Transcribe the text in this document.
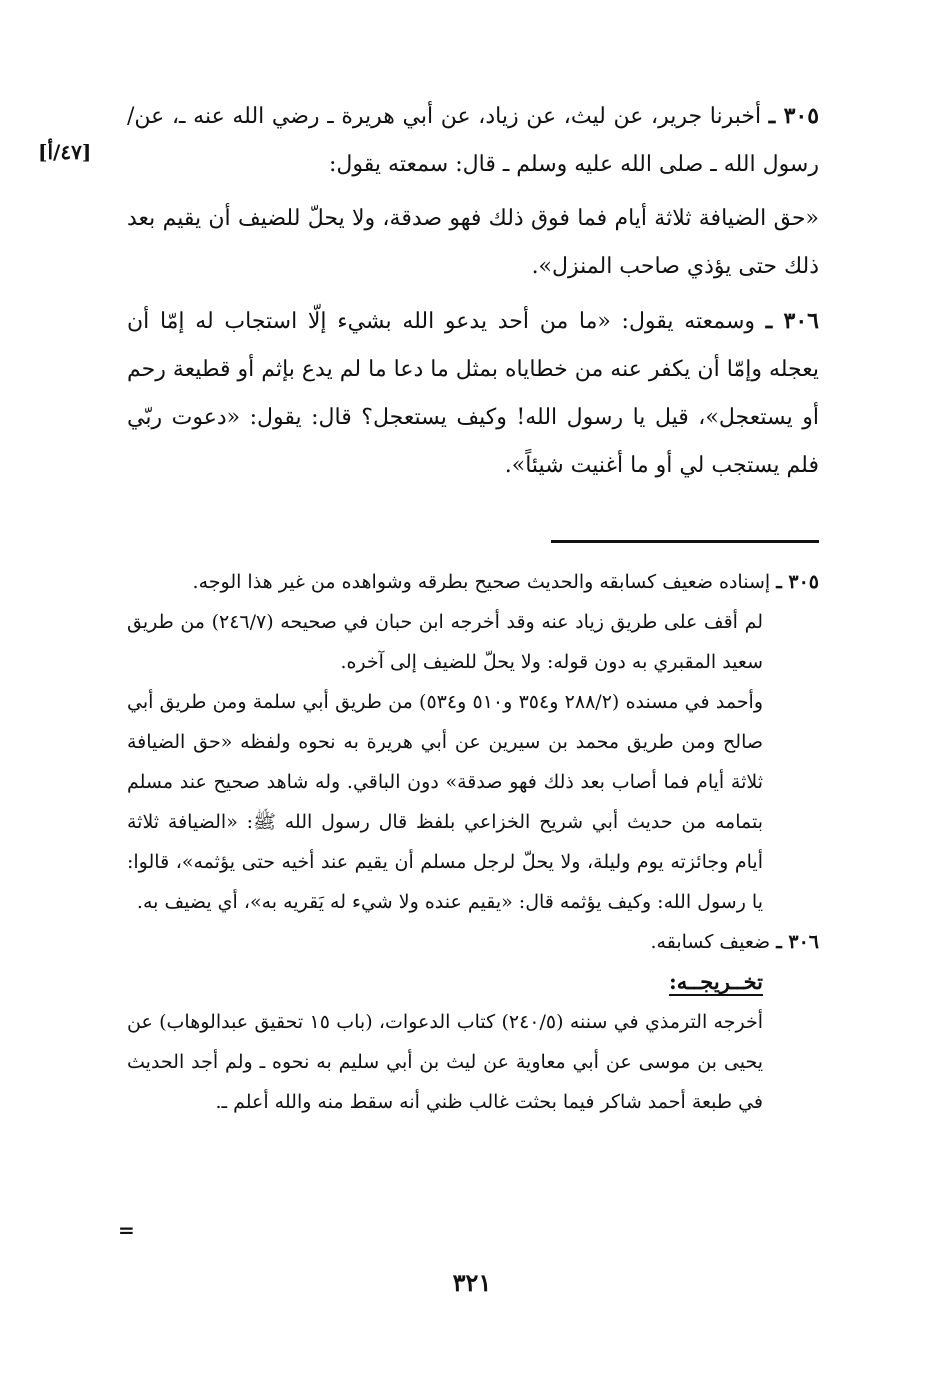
[٤٧/أ]

٣٠٥ ـ أخبرنا جرير، عن ليث، عن زياد، عن أبي هريرة ـ رضي الله عنه ـ، عن/ رسول الله ـ صلى الله عليه وسلم ـ قال: سمعته يقول:

«حق الضيافة ثلاثة أيام فما فوق ذلك فهو صدقة، ولا يحلّ للضيف أن يقيم بعد ذلك حتى يؤذي صاحب المنزل».

٣٠٦ ـ وسمعته يقول: «ما من أحد يدعو الله بشيء إلّا استجاب له إمّا أن يعجله وإمّا أن يكفر عنه من خطاياه بمثل ما دعا ما لم يدع بإثم أو قطيعة رحم أو يستعجل»، قيل يا رسول الله! وكيف يستعجل؟ قال: يقول: «دعوت ربّي فلم يستجب لي أو ما أغنيت شيئاً».

٣٠٥ ـ إسناده ضعيف كسابقه والحديث صحيح بطرقه وشواهده من غير هذا الوجه.

لم أقف على طريق زياد عنه وقد أخرجه ابن حبان في صحيحه (٢٤٦/٧) من طريق سعيد المقبري به دون قوله: ولا يحلّ للضيف إلى آخره.

وأحمد في مسنده (٢٨٨/٢ و٣٥٤ و٥١٠ و٥٣٤) من طريق أبي سلمة ومن طريق أبي صالح ومن طريق محمد بن سيرين عن أبي هريرة به نحوه ولفظه «حق الضيافة ثلاثة أيام فما أصاب بعد ذلك فهو صدقة» دون الباقي. وله شاهد صحيح عند مسلم بتمامه من حديث أبي شريح الخزاعي بلفظ قال رسول الله ﷺ: «الضيافة ثلاثة أيام وجائزته يوم وليلة، ولا يحلّ لرجل مسلم أن يقيم عند أخيه حتى يؤثمه»، قالوا: يا رسول الله: وكيف يؤثمه قال: «يقيم عنده ولا شيء له يَقريه به»، أي يضيف به.

٣٠٦ ـ ضعيف كسابقه.

تخــريجــه:

أخرجه الترمذي في سننه (٢٤٠/٥) كتاب الدعوات، (باب ١٥ تحقيق عبدالوهاب) عن يحيى بن موسى عن أبي معاوية عن ليث بن أبي سليم به نحوه ـ ولم أجد الحديث في طبعة أحمد شاكر فيما بحثت غالب ظني أنه سقط منه والله أعلم ـ.

=
٣٢١
